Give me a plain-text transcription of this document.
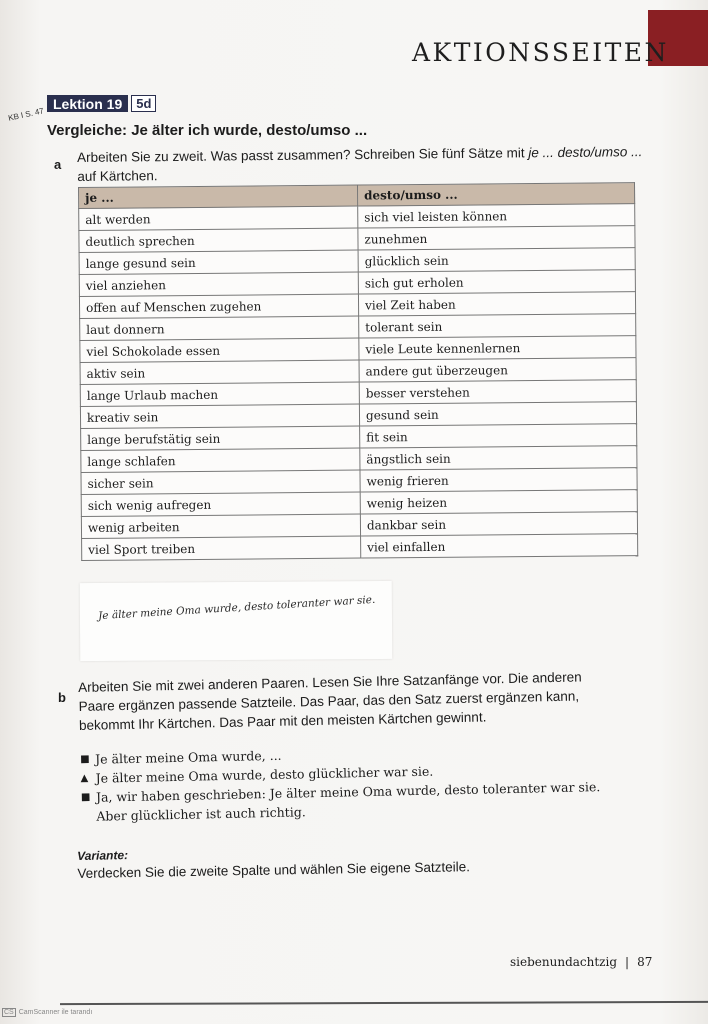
AKTIONSSEITEN
KB I S. 47
Lektion 19	5d
Vergleiche: Je älter ich wurde, desto/umso ...
a Arbeiten Sie zu zweit. Was passt zusammen? Schreiben Sie fünf Sätze mit je ... desto/umso ...
auf Kärtchen.
je ...	desto/umso ...
alt werden	sich viel leisten können
deutlich sprechen	zunehmen
lange gesund sein	glücklich sein
viel anziehen	sich gut erholen
offen auf Menschen zugehen	viel Zeit haben
laut donnern	tolerant sein
viel Schokolade essen	viele Leute kennenlernen
aktiv sein	andere gut überzeugen
lange Urlaub machen	besser verstehen
kreativ sein	gesund sein
lange berufstätig sein	fit sein
lange schlafen	ängstlich sein
sicher sein	wenig frieren
sich wenig aufregen	wenig heizen
wenig arbeiten	dankbar sein
viel Sport treiben	viel einfallen
Je älter meine Oma wurde, desto toleranter war sie.
b
Arbeiten Sie mit zwei anderen Paaren. Lesen Sie Ihre Satzanfänge vor. Die anderen Paare ergänzen passende Satzteile. Das Paar, das den Satz zuerst ergänzen kann, bekommt Ihr Kärtchen. Das Paar mit den meisten Kärtchen gewinnt.
■ Je älter meine Oma wurde, ...
▲ Je älter meine Oma wurde, desto glücklicher war sie.
■ Ja, wir haben geschrieben: Je älter meine Oma wurde, desto toleranter war sie.
Aber glücklicher ist auch richtig.
Variante:
Verdecken Sie die zweite Spalte und wählen Sie eigene Satzteile.
siebenundachtzig | 87
CS CamScanner ile tarandı
